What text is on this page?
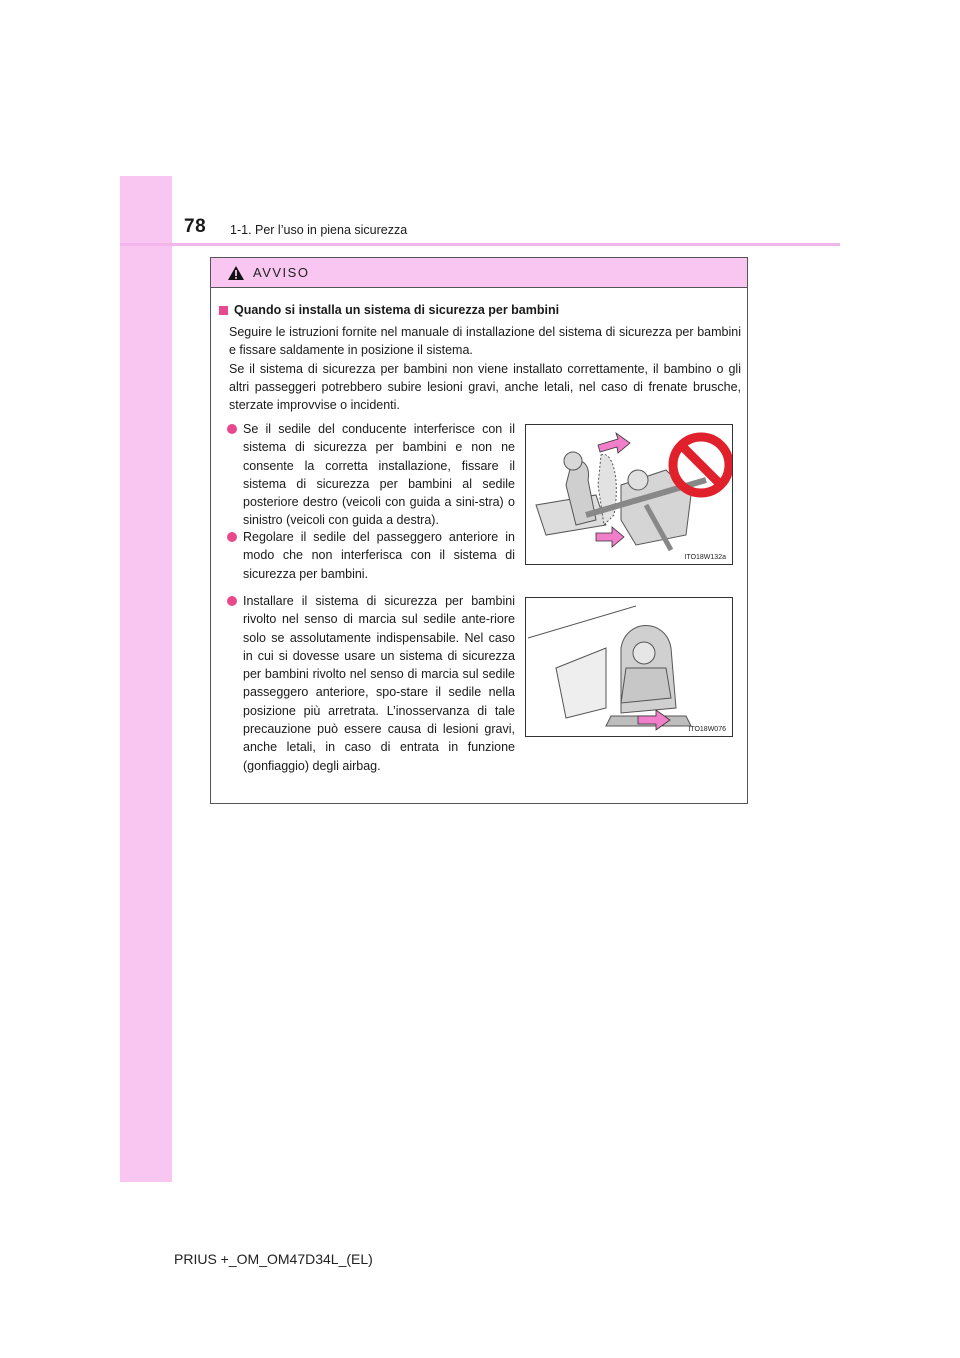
78 1-1. Per l’uso in piena sicurezza
AVVISO
Quando si installa un sistema di sicurezza per bambini
Seguire le istruzioni fornite nel manuale di installazione del sistema di sicurezza per bambini e fissare saldamente in posizione il sistema.
Se il sistema di sicurezza per bambini non viene installato correttamente, il bambino o gli altri passeggeri potrebbero subire lesioni gravi, anche letali, nel caso di frenate brusche, sterzate improvvise o incidenti.
Se il sedile del conducente interferisce con il sistema di sicurezza per bambini e non ne consente la corretta installazione, fissare il sistema di sicurezza per bambini al sedile posteriore destro (veicoli con guida a sini-stra) o sinistro (veicoli con guida a destra).
Regolare il sedile del passeggero anteriore in modo che non interferisca con il sistema di sicurezza per bambini.
Installare il sistema di sicurezza per bambini rivolto nel senso di marcia sul sedile ante-riore solo se assolutamente indispensabile. Nel caso in cui si dovesse usare un sistema di sicurezza per bambini rivolto nel senso di marcia sul sedile passeggero anteriore, spo-stare il sedile nella posizione più arretrata. L’inosservanza di tale precauzione può essere causa di lesioni gravi, anche letali, in caso di entrata in funzione (gonfiaggio) degli airbag.
ITO18W132a
ITO18W076
PRIUS +_OM_OM47D34L_(EL)
